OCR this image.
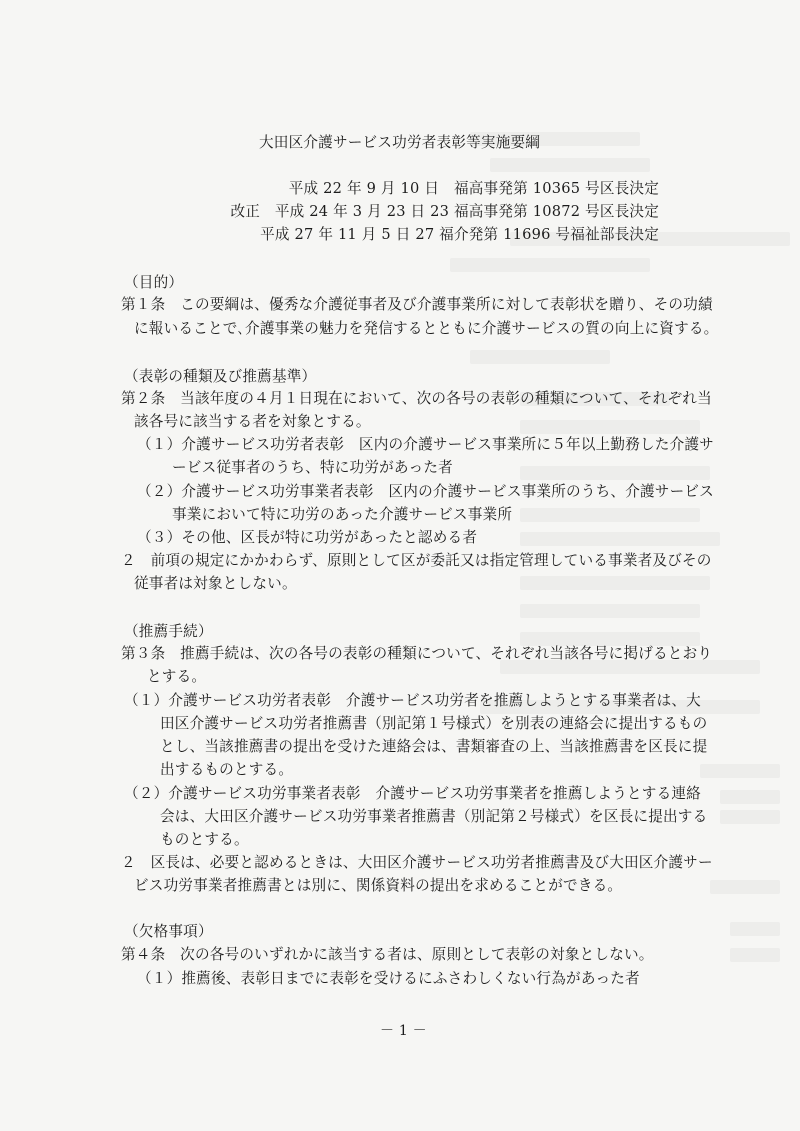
大田区介護サービス功労者表彰等実施要綱
平成 22 年 9 月 10 日　福高事発第 10365 号区長決定
改正　平成 24 年 3 月 23 日 23 福高事発第 10872 号区長決定
平成 27 年 11 月 5 日 27 福介発第 11696 号福祉部長決定
（目的）
第１条　この要綱は、優秀な介護従事者及び介護事業所に対して表彰状を贈り、その功績
に報いることで､介護事業の魅力を発信するとともに介護サービスの質の向上に資する。
（表彰の種類及び推薦基準）
第２条　当該年度の４月１日現在において、次の各号の表彰の種類について、それぞれ当
該各号に該当する者を対象とする。
（１）介護サービス功労者表彰　区内の介護サービス事業所に５年以上勤務した介護サ
ービス従事者のうち、特に功労があった者
（２）介護サービス功労事業者表彰　区内の介護サービス事業所のうち、介護サービス
事業において特に功労のあった介護サービス事業所
（３）その他、区長が特に功労があったと認める者
２　前項の規定にかかわらず、原則として区が委託又は指定管理している事業者及びその
従事者は対象としない。
（推薦手続）
第３条　推薦手続は、次の各号の表彰の種類について、それぞれ当該各号に掲げるとおり
とする。
（１）介護サービス功労者表彰　介護サービス功労者を推薦しようとする事業者は、大
田区介護サービス功労者推薦書（別記第１号様式）を別表の連絡会に提出するもの
とし、当該推薦書の提出を受けた連絡会は、書類審査の上、当該推薦書を区長に提
出するものとする。
（２）介護サービス功労事業者表彰　介護サービス功労事業者を推薦しようとする連絡
会は、大田区介護サービス功労事業者推薦書（別記第２号様式）を区長に提出する
ものとする。
２　区長は、必要と認めるときは、大田区介護サービス功労者推薦書及び大田区介護サー
ビス功労事業者推薦書とは別に、関係資料の提出を求めることができる。
（欠格事項）
第４条　次の各号のいずれかに該当する者は、原則として表彰の対象としない。
（１）推薦後、表彰日までに表彰を受けるにふさわしくない行為があった者
－ 1 －
